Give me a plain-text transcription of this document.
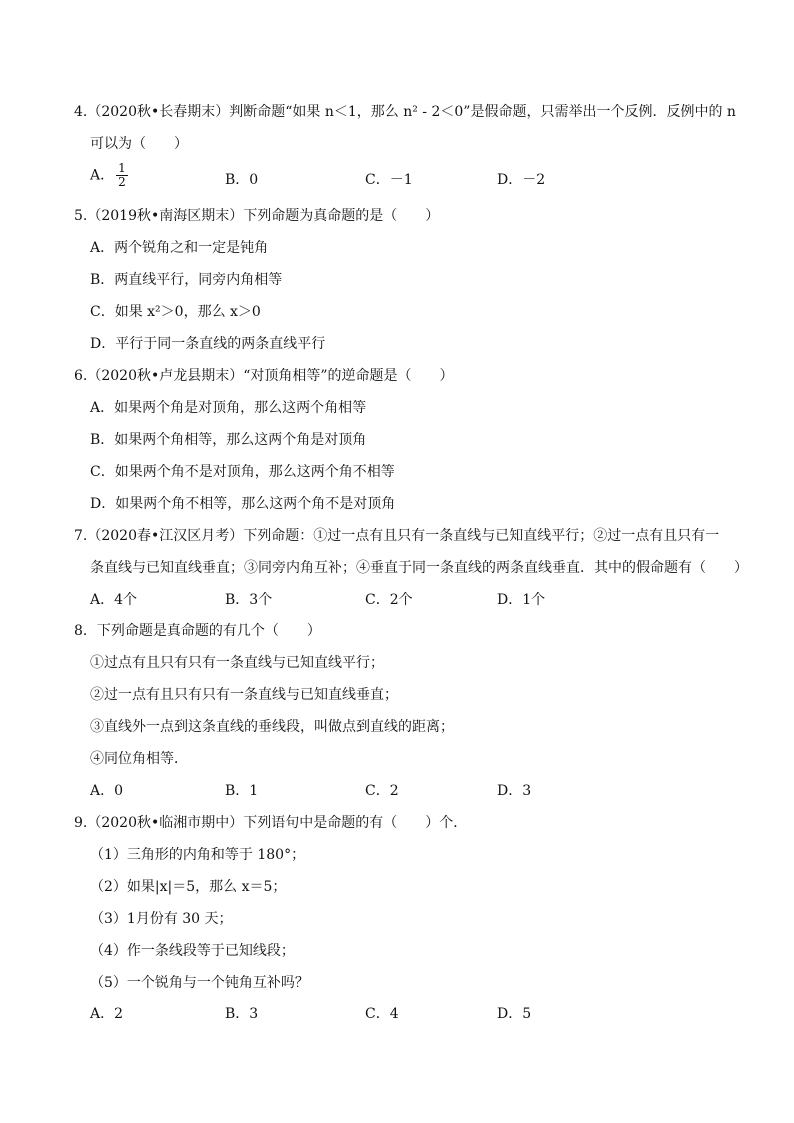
4.（2020秋•长春期末）判断命题“如果 n＜1，那么 n² - 2＜0”是假命题，只需举出一个反例．反例中的 n
可以为（　　）
A． $\frac{1}{2}$	B．0	C．－1	D．－2
5.（2019秋•南海区期末）下列命题为真命题的是（　　）
A．两个锐角之和一定是钝角
B．两直线平行，同旁内角相等
C．如果 x²＞0，那么 x＞0
D．平行于同一条直线的两条直线平行
6.（2020秋•卢龙县期末）“对顶角相等”的逆命题是（　　）
A．如果两个角是对顶角，那么这两个角相等
B．如果两个角相等，那么这两个角是对顶角
C．如果两个角不是对顶角，那么这两个角不相等
D．如果两个角不相等，那么这两个角不是对顶角
7.（2020春•江汉区月考）下列命题：①过一点有且只有一条直线与已知直线平行；②过一点有且只有一
条直线与已知直线垂直；③同旁内角互补；④垂直于同一条直线的两条直线垂直．其中的假命题有（　　）
A．4个	B．3个	C．2个	D．1个
8．下列命题是真命题的有几个（　　）
①过点有且只有只有一条直线与已知直线平行；
②过一点有且只有只有一条直线与已知直线垂直；
③直线外一点到这条直线的垂线段，叫做点到直线的距离；
④同位角相等．
A．0	B．1	C．2	D．3
9.（2020秋•临湘市期中）下列语句中是命题的有（　　）个．
（1）三角形的内角和等于 180°；
（2）如果|x|＝5，那么 x＝5；
（3）1月份有 30 天；
（4）作一条线段等于已知线段；
（5）一个锐角与一个钝角互补吗？
A．2	B．3	C．4	D．5
